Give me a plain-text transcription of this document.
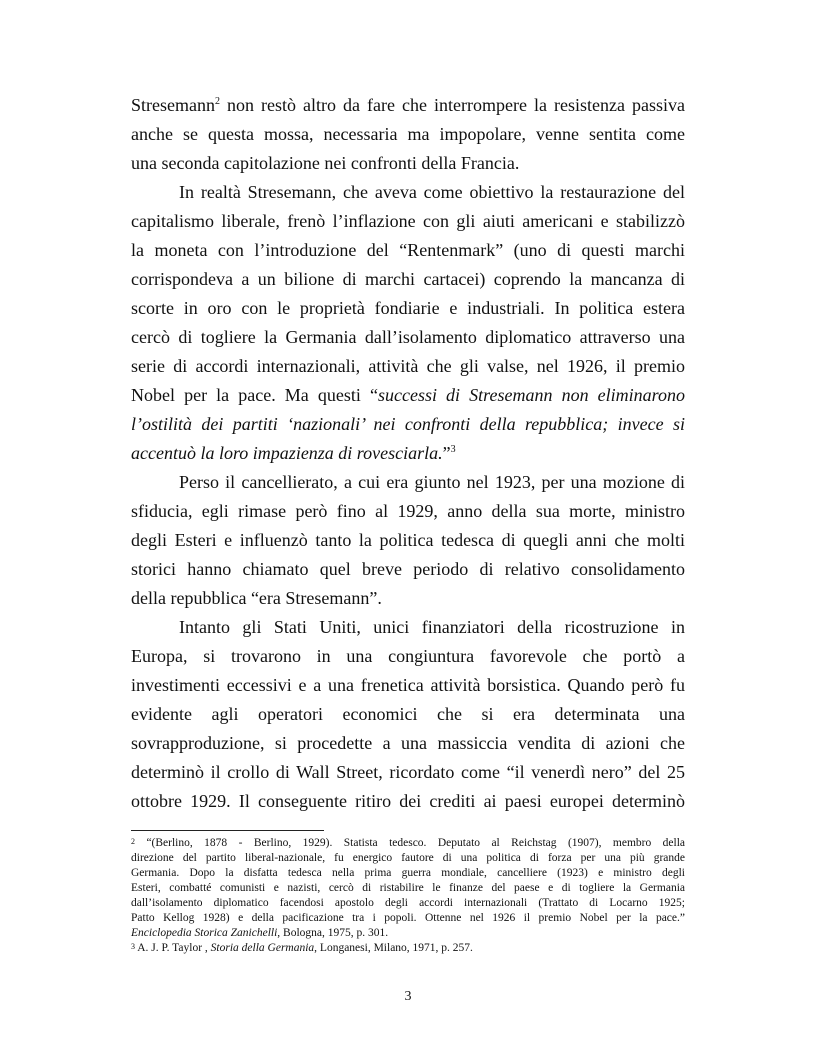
Stresemann$^2$ non restò altro da fare che interrompere la resistenza passiva
anche se questa mossa, necessaria ma impopolare, venne sentita come
una seconda capitolazione nei confronti della Francia.
In realtà Stresemann, che aveva come obiettivo la restaurazione del
capitalismo liberale, frenò l’inflazione con gli aiuti americani e stabilizzò
la moneta con l’introduzione del “Rentenmark” (uno di questi marchi
corrispondeva a un bilione di marchi cartacei) coprendo la mancanza di
scorte in oro con le proprietà fondiarie e industriali. In politica estera
cercò di togliere la Germania dall’isolamento diplomatico attraverso una
serie di accordi internazionali, attività che gli valse, nel 1926, il premio
Nobel per la pace. Ma questi “successi di Stresemann non eliminarono
l’ostilità dei partiti ‘nazionali’ nei confronti della repubblica; invece si
accentuò la loro impazienza di rovesciarla.”$^3$
Perso il cancellierato, a cui era giunto nel 1923, per una mozione di
sfiducia, egli rimase però fino al 1929, anno della sua morte, ministro
degli Esteri e influenzò tanto la politica tedesca di quegli anni che molti
storici hanno chiamato quel breve periodo di relativo consolidamento
della repubblica “era Stresemann”.
Intanto gli Stati Uniti, unici finanziatori della ricostruzione in
Europa, si trovarono in una congiuntura favorevole che portò a
investimenti eccessivi e a una frenetica attività borsistica. Quando però fu
evidente agli operatori economici che si era determinata una
sovrapproduzione, si procedette a una massiccia vendita di azioni che
determinò il crollo di Wall Street, ricordato come “il venerdì nero” del 25
ottobre 1929. Il conseguente ritiro dei crediti ai paesi europei determinò
$^2$ “(Berlino, 1878 - Berlino, 1929). Statista tedesco. Deputato al Reichstag (1907), membro della
direzione del partito liberal-nazionale, fu energico fautore di una politica di forza per una più grande
Germania. Dopo la disfatta tedesca nella prima guerra mondiale, cancelliere (1923) e ministro degli
Esteri, combatté comunisti e nazisti, cercò di ristabilire le finanze del paese e di togliere la Germania
dall’isolamento diplomatico facendosi apostolo degli accordi internazionali (Trattato di Locarno 1925;
Patto Kellog 1928) e della pacificazione tra i popoli. Ottenne nel 1926 il premio Nobel per la pace.”
Enciclopedia Storica Zanichelli, Bologna, 1975, p. 301.
$^3$ A. J. P. Taylor , Storia della Germania, Longanesi, Milano, 1971, p. 257.
3
